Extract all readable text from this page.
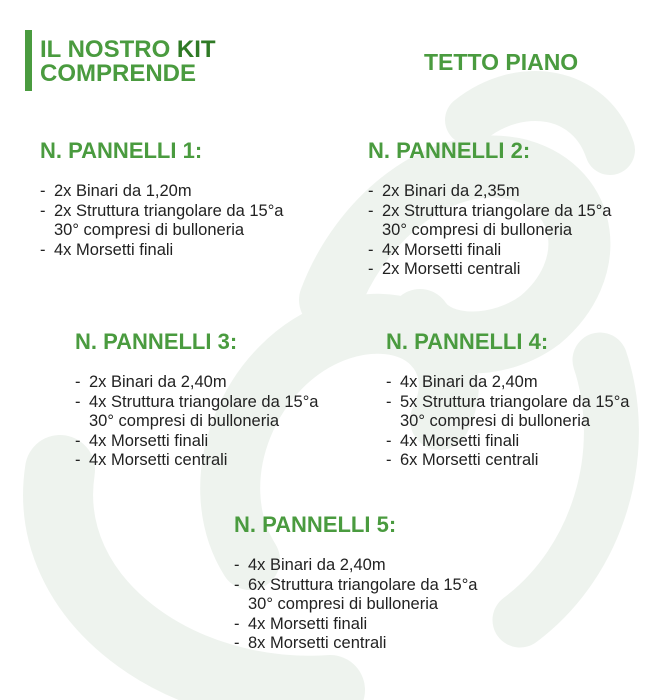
IL NOSTRO KIT
COMPRENDE	TETTO PIANO
N. PANNELLI 1:
- 2x Binari da 1,20m
- 2x Struttura triangolare da 15°a 30° compresi di bulloneria
- 4x Morsetti finali
N. PANNELLI 2:
- 2x Binari da 2,35m
- 2x Struttura triangolare da 15°a 30° compresi di bulloneria
- 4x Morsetti finali
- 2x Morsetti centrali
N. PANNELLI 3:
- 2x Binari da 2,40m
- 4x Struttura triangolare da 15°a 30° compresi di bulloneria
- 4x Morsetti finali
- 4x Morsetti centrali
N. PANNELLI 4:
- 4x Binari da 2,40m
- 5x Struttura triangolare da 15°a 30° compresi di bulloneria
- 4x Morsetti finali
- 6x Morsetti centrali
N. PANNELLI 5:
- 4x Binari da 2,40m
- 6x Struttura triangolare da 15°a 30° compresi di bulloneria
- 4x Morsetti finali
- 8x Morsetti centrali
